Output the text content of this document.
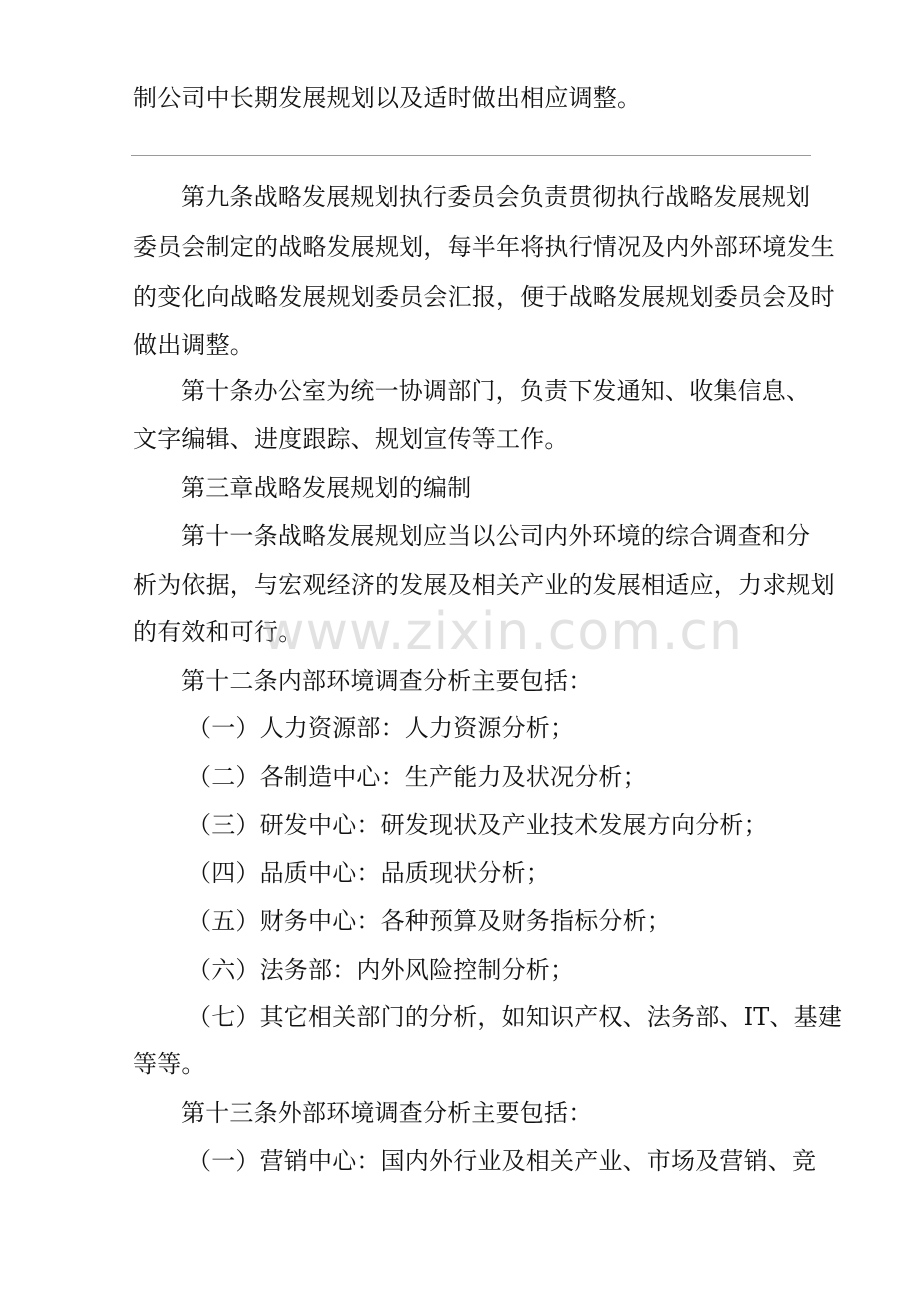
制公司中长期发展规划以及适时做出相应调整。
第九条战略发展规划执行委员会负责贯彻执行战略发展规划
委员会制定的战略发展规划，每半年将执行情况及内外部环境发生
的变化向战略发展规划委员会汇报，便于战略发展规划委员会及时
做出调整。
第十条办公室为统一协调部门，负责下发通知、收集信息、
文字编辑、进度跟踪、规划宣传等工作。
第三章战略发展规划的编制
第十一条战略发展规划应当以公司内外环境的综合调查和分
析为依据，与宏观经济的发展及相关产业的发展相适应，力求规划
的有效和可行。
第十二条内部环境调查分析主要包括：
（一）人力资源部：人力资源分析；
（二）各制造中心：生产能力及状况分析；
（三）研发中心：研发现状及产业技术发展方向分析；
（四）品质中心：品质现状分析；
（五）财务中心：各种预算及财务指标分析；
（六）法务部：内外风险控制分析；
（七）其它相关部门的分析，如知识产权、法务部、IT、基建
等等。
第十三条外部环境调查分析主要包括：
（一）营销中心：国内外行业及相关产业、市场及营销、竞
www.zixin.com.cn
